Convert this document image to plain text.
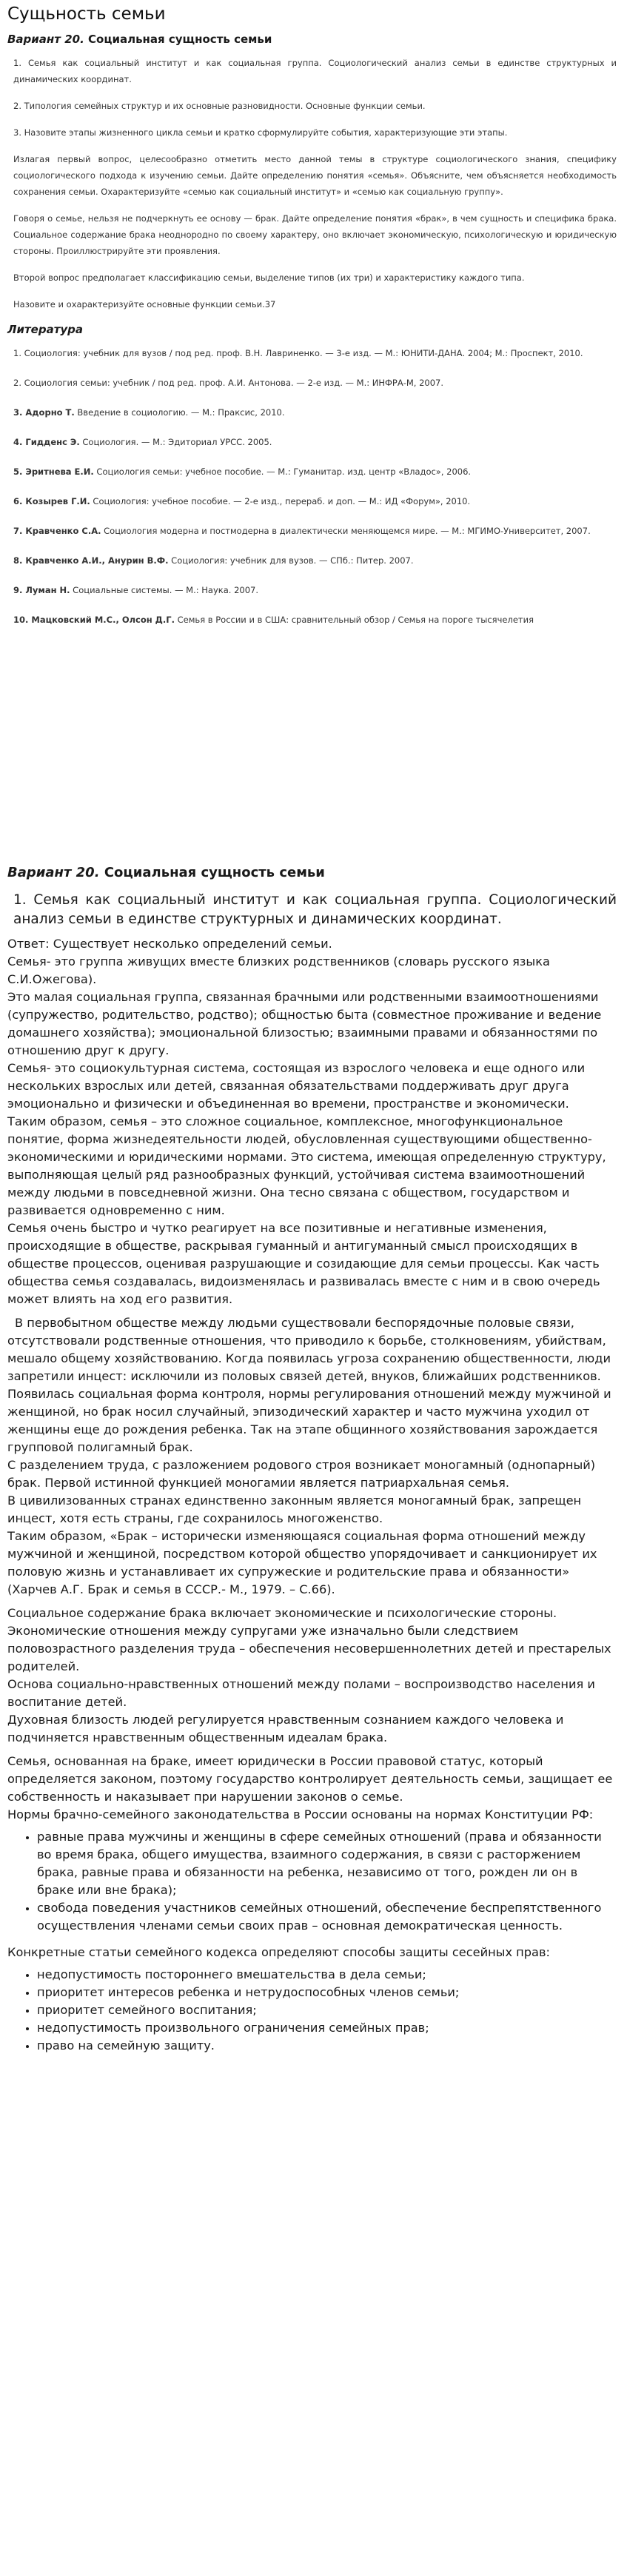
Сущьность семьи
Вариант 20. Социальная сущность семьи

1. Семья как социальный институт и как социальная группа. Социологический анализ семьи в единстве структурных и динамических координат.

2. Типология семейных структур и их основные разновидности. Основные функции семьи.

3. Назовите этапы жизненного цикла семьи и кратко сформулируйте события, характеризующие эти этапы.

Излагая первый вопрос, целесообразно отметить место данной темы в структуре социологического знания, специфику социологического подхода к изучению семьи. Дайте определению понятия «семья». Объясните, чем объясняется необходимость сохранения семьи. Охарактеризуйте «семью как социальный институт» и «семью как социальную группу».

Говоря о семье, нельзя не подчеркнуть ее основу — брак. Дайте определение понятия «брак», в чем сущность и специфика брака. Социальное содержание брака неоднородно по своему характеру, оно включает экономическую, психологическую и юридическую стороны. Проиллюстрируйте эти проявления.

Второй вопрос предполагает классификацию семьи, выделение типов (их три) и характеристику каждого типа.

Назовите и охарактеризуйте основные функции семьи.37

Литература
1. Социология: учебник для вузов / под ред. проф. В.Н. Лавриненко. — 3-е изд. — М.: ЮНИТИ-ДАНА. 2004; М.: Проспект, 2010.
2. Социология семьи: учебник / под ред. проф. А.И. Антонова. — 2-е изд. — М.: ИНФРА-М, 2007.
3. Адорно Т. Введение в социологию. — М.: Праксис, 2010.
4. Гидденс Э. Социология. — М.: Эдиториал УРСС. 2005.
5. Эритнева Е.И. Социология семьи: учебное пособие. — М.: Гуманитар. изд. центр «Владос», 2006.
6. Козырев Г.И. Социология: учебное пособие. — 2-е изд., перераб. и доп. — М.: ИД «Форум», 2010.
7. Кравченко С.А. Социология модерна и постмодерна в диалектически меняющемся мире. — М.: МГИМО-Университет, 2007.
8. Кравченко А.И., Анурин В.Ф. Социология: учебник для вузов. — СПб.: Питер. 2007.
9. Луман Н. Социальные системы. — М.: Наука. 2007.
10. Мацковский М.С., Олсон Д.Г. Семья в России и в США: сравнительный обзор / Семья на пороге тысячелетия
Вариант 20. Социальная сущность семьи

1. Семья как социальный институт и как социальная группа. Социологический анализ семьи в единстве структурных и динамических координат.

Ответ: Существует несколько определений семьи.

Семья- это группа живущих вместе близких родственников (словарь русского языка С.И.Ожегова).

Это малая социальная группа, связанная брачными или родственными взаимоотношениями (супружество, родительство, родство); общностью быта (совместное проживание и ведение домашнего хозяйства); эмоциональной близостью; взаимными правами и обязанностями по отношению друг к другу.

Семья- это социокультурная система, состоящая из взрослого человека и еще одного или нескольких взрослых или детей, связанная обязательствами поддерживать друг друга эмоционально и физически и объединенная во времени, пространстве и экономически.

Таким образом, семья – это сложное социальное, комплексное, многофункциональное понятие, форма жизнедеятельности людей, обусловленная существующими общественно- экономическими и юридическими нормами. Это система, имеющая определенную структуру, выполняющая целый ряд разнообразных функций, устойчивая система взаимоотношений между людьми в повседневной жизни. Она тесно связана с обществом, государством и развивается одновременно с ним.

Семья очень быстро и чутко реагирует на все позитивные и негативные изменения, происходящие в обществе, раскрывая гуманный и антигуманный смысл происходящих в обществе процессов, оценивая разрушающие и созидающие для семьи процессы. Как часть общества семья создавалась, видоизменялась и развивалась вместе с ним и в свою очередь может влиять на ход его развития.

В первобытном обществе между людьми существовали беспорядочные половые связи, отсутствовали родственные отношения, что приводило к борьбе, столкновениям, убийствам, мешало общему хозяйствованию. Когда появилась угроза сохранению общественности, люди запретили инцест: исключили из половых связей детей, внуков, ближайших родственников. Появилась социальная форма контроля, нормы регулирования отношений между мужчиной и женщиной, но брак носил случайный, эпизодический характер и часто мужчина уходил от женщины еще до рождения ребенка. Так на этапе общинного хозяйствования зарождается групповой полигамный брак.

С разделением труда, с разложением родового строя возникает моногамный (однопарный) брак. Первой истинной функцией моногамии является патриархальная семья.

В цивилизованных странах единственно законным является моногамный брак, запрещен инцест, хотя есть страны, где сохранилось многоженство.

Таким образом, «Брак – исторически изменяющаяся социальная форма отношений между мужчиной и женщиной, посредством которой общество упорядочивает и санкционирует их половую жизнь и устанавливает их супружеские и родительские права и обязанности» (Харчев А.Г. Брак и семья в СССР.- М., 1979. – С.66).

Социальное содержание брака включает экономические и психологические стороны.

Экономические отношения между супругами уже изначально были следствием половозрастного разделения труда – обеспечения несовершеннолетних детей и престарелых родителей.

Основа социально-нравственных отношений между полами – воспроизводство населения и воспитание детей.

Духовная близость людей регулируется нравственным сознанием каждого человека и подчиняется нравственным общественным идеалам брака.

Семья, основанная на браке, имеет юридически в России правовой статус, который определяется законом, поэтому государство контролирует деятельность семьи, защищает ее собственность и наказывает при нарушении законов о семье.

Нормы брачно-семейного законодательства в России основаны на нормах Конституции РФ:

• равные права мужчины и женщины в сфере семейных отношений (права и обязанности во время брака, общего имущества, взаимного содержания, в связи с расторжением брака, равные права и обязанности на ребенка, независимо от того, рожден ли он в браке или вне брака);
• свобода поведения участников семейных отношений, обеспечение беспрепятственного осуществления членами семьи своих прав – основная демократическая ценность.

Конкретные статьи семейного кодекса определяют способы защиты сесейных прав:

• недопустимость постороннего вмешательства в дела семьи;
• приоритет интересов ребенка и нетрудоспособных членов семьи;
• приоритет семейного воспитания;
• недопустимость произвольного ограничения семейных прав;
• право на семейную защиту.
